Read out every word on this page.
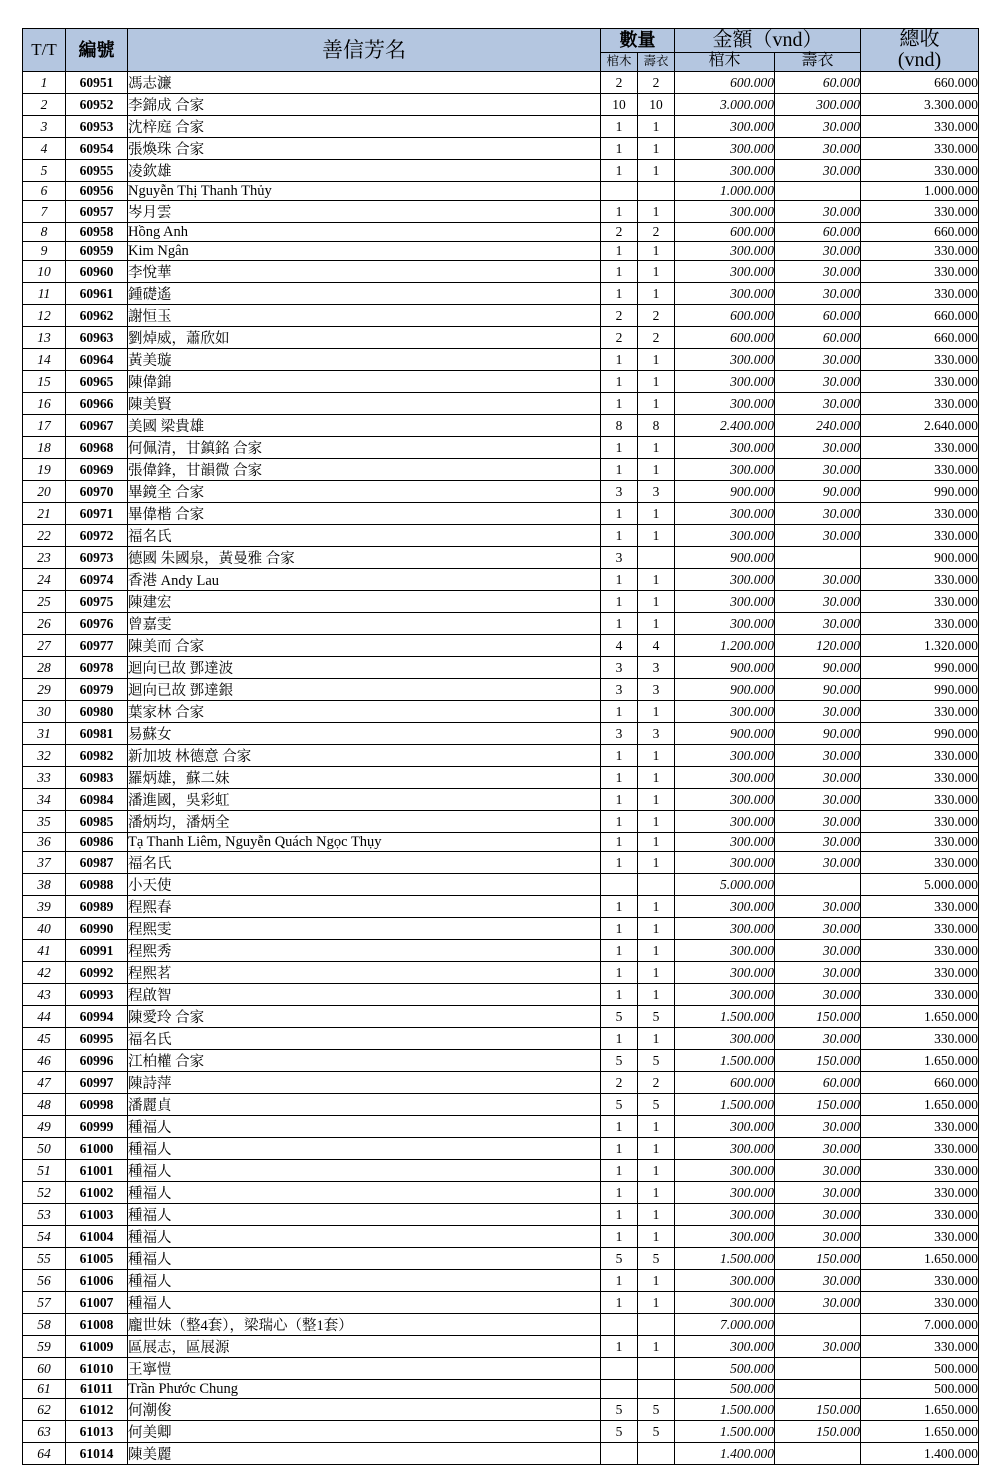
T/T	編號	善信芳名	數量		金額（vnd）		總收
(vnd)

			棺木	壽衣	棺木	壽衣	
1	60951	馮志濂	2	2	600.000	60.000	660.000
2	60952	李錦成 合家	10	10	3.000.000	300.000	3.300.000
3	60953	沈梓庭 合家	1	1	300.000	30.000	330.000
4	60954	張煥珠 合家	1	1	300.000	30.000	330.000
5	60955	凌欽雄	1	1	300.000	30.000	330.000
6	60956	Nguyễn Thị Thanh Thủy			1.000.000		1.000.000
7	60957	岑月雲	1	1	300.000	30.000	330.000
8	60958	Hồng Anh	2	2	600.000	60.000	660.000
9	60959	Kim Ngân	1	1	300.000	30.000	330.000
10	60960	李悅華	1	1	300.000	30.000	330.000
11	60961	鍾礎遙	1	1	300.000	30.000	330.000
12	60962	謝恒玉	2	2	600.000	60.000	660.000
13	60963	劉焯威，蕭欣如	2	2	600.000	60.000	660.000
14	60964	黃美璇	1	1	300.000	30.000	330.000
15	60965	陳偉錦	1	1	300.000	30.000	330.000
16	60966	陳美賢	1	1	300.000	30.000	330.000
17	60967	美國 梁貴雄	8	8	2.400.000	240.000	2.640.000
18	60968	何佩清，甘鎮銘 合家	1	1	300.000	30.000	330.000
19	60969	張偉鋒，甘韻微 合家	1	1	300.000	30.000	330.000
20	60970	畢鏡全 合家	3	3	900.000	90.000	990.000
21	60971	畢偉楷 合家	1	1	300.000	30.000	330.000
22	60972	福名氏	1	1	300.000	30.000	330.000
23	60973	德國 朱國泉，黃曼雅 合家	3		900.000		900.000
24	60974	香港 Andy Lau	1	1	300.000	30.000	330.000
25	60975	陳建宏	1	1	300.000	30.000	330.000
26	60976	曾嘉雯	1	1	300.000	30.000	330.000
27	60977	陳美而 合家	4	4	1.200.000	120.000	1.320.000
28	60978	迴向已故 鄧達波	3	3	900.000	90.000	990.000
29	60979	迴向已故 鄧達銀	3	3	900.000	90.000	990.000
30	60980	葉家林 合家	1	1	300.000	30.000	330.000
31	60981	易蘇女	3	3	900.000	90.000	990.000
32	60982	新加坡 林德意 合家	1	1	300.000	30.000	330.000
33	60983	羅炳雄，蘇二妹	1	1	300.000	30.000	330.000
34	60984	潘進國，吳彩虹	1	1	300.000	30.000	330.000
35	60985	潘炳均，潘炳全	1	1	300.000	30.000	330.000
36	60986	Tạ Thanh Liêm, Nguyễn Quách Ngọc Thụy	1	1	300.000	30.000	330.000
37	60987	福名氏	1	1	300.000	30.000	330.000
38	60988	小天使			5.000.000		5.000.000
39	60989	程熙春	1	1	300.000	30.000	330.000
40	60990	程熙雯	1	1	300.000	30.000	330.000
41	60991	程熙秀	1	1	300.000	30.000	330.000
42	60992	程熙茗	1	1	300.000	30.000	330.000
43	60993	程啟智	1	1	300.000	30.000	330.000
44	60994	陳愛玲 合家	5	5	1.500.000	150.000	1.650.000
45	60995	福名氏	1	1	300.000	30.000	330.000
46	60996	江柏權 合家	5	5	1.500.000	150.000	1.650.000
47	60997	陳詩萍	2	2	600.000	60.000	660.000
48	60998	潘麗貞	5	5	1.500.000	150.000	1.650.000
49	60999	種福人	1	1	300.000	30.000	330.000
50	61000	種福人	1	1	300.000	30.000	330.000
51	61001	種福人	1	1	300.000	30.000	330.000
52	61002	種福人	1	1	300.000	30.000	330.000
53	61003	種福人	1	1	300.000	30.000	330.000
54	61004	種福人	1	1	300.000	30.000	330.000
55	61005	種福人	5	5	1.500.000	150.000	1.650.000
56	61006	種福人	1	1	300.000	30.000	330.000
57	61007	種福人	1	1	300.000	30.000	330.000
58	61008	龐世妹（整4套），梁瑞心（整1套）			7.000.000		7.000.000
59	61009	區展志，區展源	1	1	300.000	30.000	330.000
60	61010	王寧愷			500.000		500.000
61	61011	Trần Phước Chung			500.000		500.000
62	61012	何潮俊	5	5	1.500.000	150.000	1.650.000
63	61013	何美卿	5	5	1.500.000	150.000	1.650.000
64	61014	陳美麗			1.400.000		1.400.000
